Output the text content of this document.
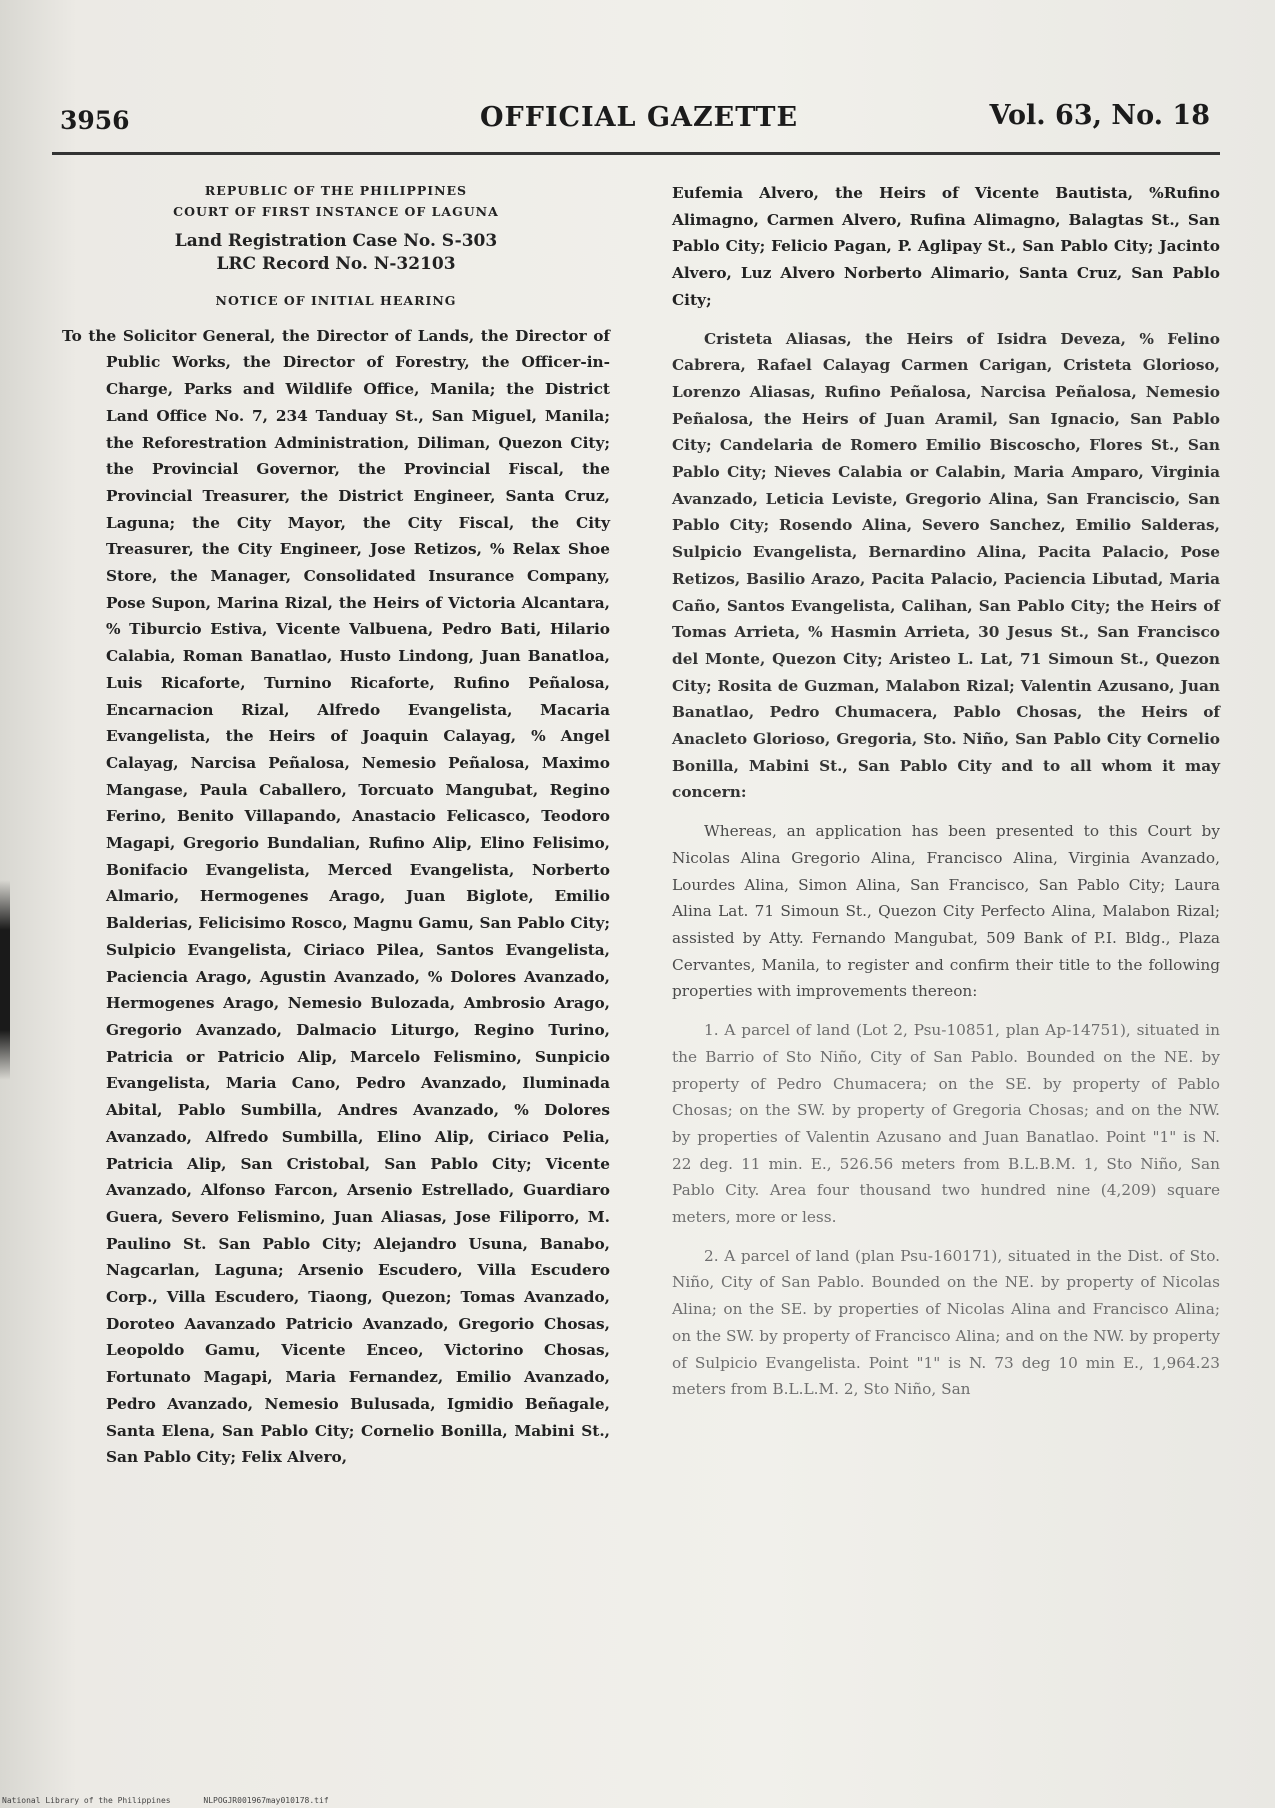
3956	OFFICIAL GAZETTE	Vol. 63, No. 18
REPUBLIC OF THE PHILIPPINES
COURT OF FIRST INSTANCE OF LAGUNA
Land Registration Case No. S-303
LRC Record No. N-32103
NOTICE OF INITIAL HEARING

To the Solicitor General, the Director of Lands, the Director of Public Works, the Director of Forestry, the Officer-in-Charge, Parks and Wildlife Office, Manila; the District Land Office No. 7, 234 Tanduay St., San Miguel, Manila; the Reforestration Administration, Diliman, Quezon City; the Provincial Governor, the Provincial Fiscal, the Provincial Treasurer, the District Engineer, Santa Cruz, Laguna; the City Mayor, the City Fiscal, the City Treasurer, the City Engineer, Jose Retizos, % Relax Shoe Store, the Manager, Consolidated Insurance Company, Pose Supon, Marina Rizal, the Heirs of Victoria Alcantara, % Tiburcio Estiva, Vicente Valbuena, Pedro Bati, Hilario Calabia, Roman Banatlao, Husto Lindong, Juan Banatloa, Luis Ricaforte, Turnino Ricaforte, Rufino Peñalosa, Encarnacion Rizal, Alfredo Evangelista, Macaria Evangelista, the Heirs of Joaquin Calayag, % Angel Calayag, Narcisa Peñalosa, Nemesio Peñalosa, Maximo Mangase, Paula Caballero, Torcuato Mangubat, Regino Ferino, Benito Villapando, Anastacio Felicasco, Teodoro Magapi, Gregorio Bundalian, Rufino Alip, Elino Felisimo, Bonifacio Evangelista, Merced Evangelista, Norberto Almario, Hermogenes Arago, Juan Biglote, Emilio Balderias, Felicisimo Rosco, Magnu Gamu, San Pablo City; Sulpicio Evangelista, Ciriaco Pilea, Santos Evangelista, Paciencia Arago, Agustin Avanzado, % Dolores Avanzado, Hermogenes Arago, Nemesio Bulozada, Ambrosio Arago, Gregorio Avanzado, Dalmacio Liturgo, Regino Turino, Patricia or Patricio Alip, Marcelo Felismino, Sunpicio Evangelista, Maria Cano, Pedro Avanzado, Iluminada Abital, Pablo Sumbilla, Andres Avanzado, % Dolores Avanzado, Alfredo Sumbilla, Elino Alip, Ciriaco Pelia, Patricia Alip, San Cristobal, San Pablo City; Vicente Avanzado, Alfonso Farcon, Arsenio Estrellado, Guardiaro Guera, Severo Felismino, Juan Aliasas, Jose Filiporro, M. Paulino St. San Pablo City; Alejandro Usuna, Banabo, Nagcarlan, Laguna; Arsenio Escudero, Villa Escudero Corp., Villa Escudero, Tiaong, Quezon; Tomas Avanzado, Doroteo Aavanzado Patricio Avanzado, Gregorio Chosas, Leopoldo Gamu, Vicente Enceo, Victorino Chosas, Fortunato Magapi, Maria Fernandez, Emilio Avanzado, Pedro Avanzado, Nemesio Bulusada, Igmidio Beñagale, Santa Elena, San Pablo City; Cornelio Bonilla, Mabini St., San Pablo City; Felix Alvero,

Eufemia Alvero, the Heirs of Vicente Bautista, %Rufino Alimagno, Carmen Alvero, Rufina Alimagno, Balagtas St., San Pablo City; Felicio Pagan, P. Aglipay St., San Pablo City; Jacinto Alvero, Luz Alvero Norberto Alimario, Santa Cruz, San Pablo City;

Cristeta Aliasas, the Heirs of Isidra Deveza, % Felino Cabrera, Rafael Calayag Carmen Carigan, Cristeta Glorioso, Lorenzo Aliasas, Rufino Peñalosa, Narcisa Peñalosa, Nemesio Peñalosa, the Heirs of Juan Aramil, San Ignacio, San Pablo City; Candelaria de Romero Emilio Biscoscho, Flores St., San Pablo City; Nieves Calabia or Calabin, Maria Amparo, Virginia Avanzado, Leticia Leviste, Gregorio Alina, San Franciscio, San Pablo City; Rosendo Alina, Severo Sanchez, Emilio Salderas, Sulpicio Evangelista, Bernardino Alina, Pacita Palacio, Pose Retizos, Basilio Arazo, Pacita Palacio, Paciencia Libutad, Maria Caño, Santos Evangelista, Calihan, San Pablo City; the Heirs of Tomas Arrieta, % Hasmin Arrieta, 30 Jesus St., San Francisco del Monte, Quezon City; Aristeo L. Lat, 71 Simoun St., Quezon City; Rosita de Guzman, Malabon Rizal; Valentin Azusano, Juan Banatlao, Pedro Chumacera, Pablo Chosas, the Heirs of Anacleto Glorioso, Gregoria, Sto. Niño, San Pablo City Cornelio Bonilla, Mabini St., San Pablo City and to all whom it may concern:

Whereas, an application has been presented to this Court by Nicolas Alina Gregorio Alina, Francisco Alina, Virginia Avanzado, Lourdes Alina, Simon Alina, San Francisco, San Pablo City; Laura Alina Lat. 71 Simoun St., Quezon City Perfecto Alina, Malabon Rizal; assisted by Atty. Fernando Mangubat, 509 Bank of P.I. Bldg., Plaza Cervantes, Manila, to register and confirm their title to the following properties with improvements thereon:

1. A parcel of land (Lot 2, Psu-10851, plan Ap-14751), situated in the Barrio of Sto Niño, City of San Pablo. Bounded on the NE. by property of Pedro Chumacera; on the SE. by property of Pablo Chosas; on the SW. by property of Gregoria Chosas; and on the NW. by properties of Valentin Azusano and Juan Banatlao. Point "1" is N. 22 deg. 11 min. E., 526.56 meters from B.L.B.M. 1, Sto Niño, San Pablo City. Area four thousand two hundred nine (4,209) square meters, more or less.

2. A parcel of land (plan Psu-160171), situated in the Dist. of Sto. Niño, City of San Pablo. Bounded on the NE. by property of Nicolas Alina; on the SE. by properties of Nicolas Alina and Francisco Alina; on the SW. by property of Francisco Alina; and on the NW. by property of Sulpicio Evangelista. Point "1" is N. 73 deg 10 min E., 1,964.23 meters from B.L.L.M. 2, Sto Niño, San

National Library of the Philippines	NLPOGJR001967may010178.tif
